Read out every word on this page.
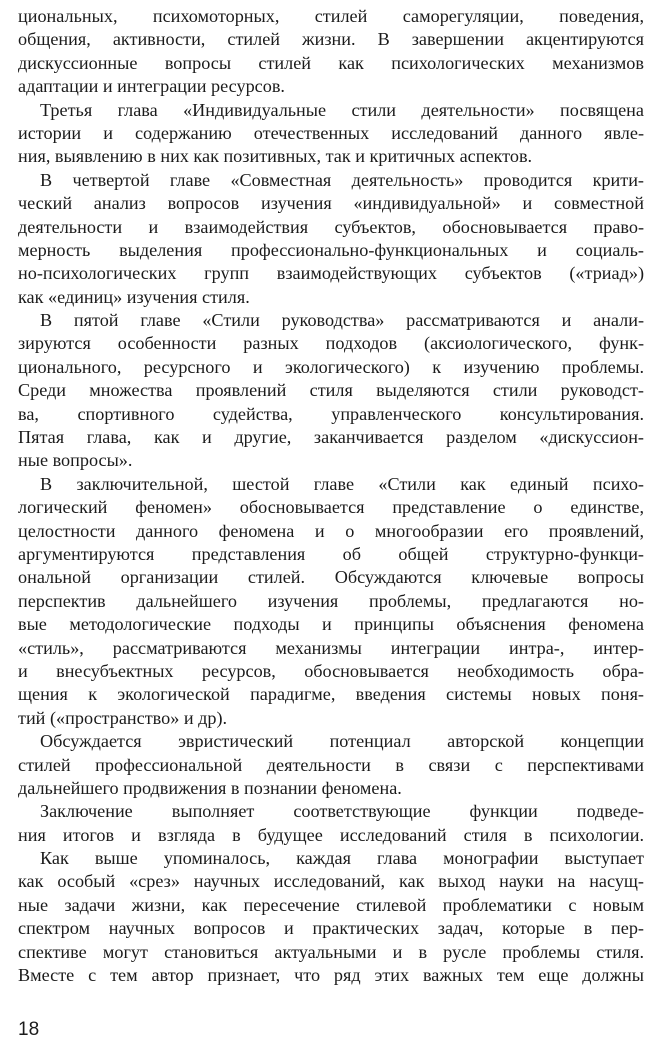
циональных, психомоторных, стилей саморегуляции, поведения,
общения, активности, стилей жизни. В завершении акцентируются
дискуссионные вопросы стилей как психологических механизмов
адаптации и интеграции ресурсов.
Третья глава «Индивидуальные стили деятельности» посвящена
истории и содержанию отечественных исследований данного явле-
ния, выявлению в них как позитивных, так и критичных аспектов.
В четвертой главе «Совместная деятельность» проводится крити-
ческий анализ вопросов изучения «индивидуальной» и совместной
деятельности и взаимодействия субъектов, обосновывается право-
мерность выделения профессионально-функциональных и социаль-
но-психологических групп взаимодействующих субъектов («триад»)
как «единиц» изучения стиля.
В пятой главе «Стили руководства» рассматриваются и анали-
зируются особенности разных подходов (аксиологического, функ-
ционального, ресурсного и экологического) к изучению проблемы.
Среди множества проявлений стиля выделяются стили руководст-
ва, спортивного судейства, управленческого консультирования.
Пятая глава, как и другие, заканчивается разделом «дискуссион-
ные вопросы».
В заключительной, шестой главе «Стили как единый психо-
логический феномен» обосновывается представление о единстве,
целостности данного феномена и о многообразии его проявлений,
аргументируются представления об общей структурно-функци-
ональной организации стилей. Обсуждаются ключевые вопросы
перспектив дальнейшего изучения проблемы, предлагаются но-
вые методологические подходы и принципы объяснения феномена
«стиль», рассматриваются механизмы интеграции интра-, интер-
и внесубъектных ресурсов, обосновывается необходимость обра-
щения к экологической парадигме, введения системы новых поня-
тий («пространство» и др).
Обсуждается эвристический потенциал авторской концепции
стилей профессиональной деятельности в связи с перспективами
дальнейшего продвижения в познании феномена.
Заключение выполняет соответствующие функции подведе-
ния итогов и взгляда в будущее исследований стиля в психологии.
Как выше упоминалось, каждая глава монографии выступает
как особый «срез» научных исследований, как выход науки на насущ-
ные задачи жизни, как пересечение стилевой проблематики с новым
спектром научных вопросов и практических задач, которые в пер-
спективе могут становиться актуальными и в русле проблемы стиля.
Вместе с тем автор признает, что ряд этих важных тем еще должны
18
